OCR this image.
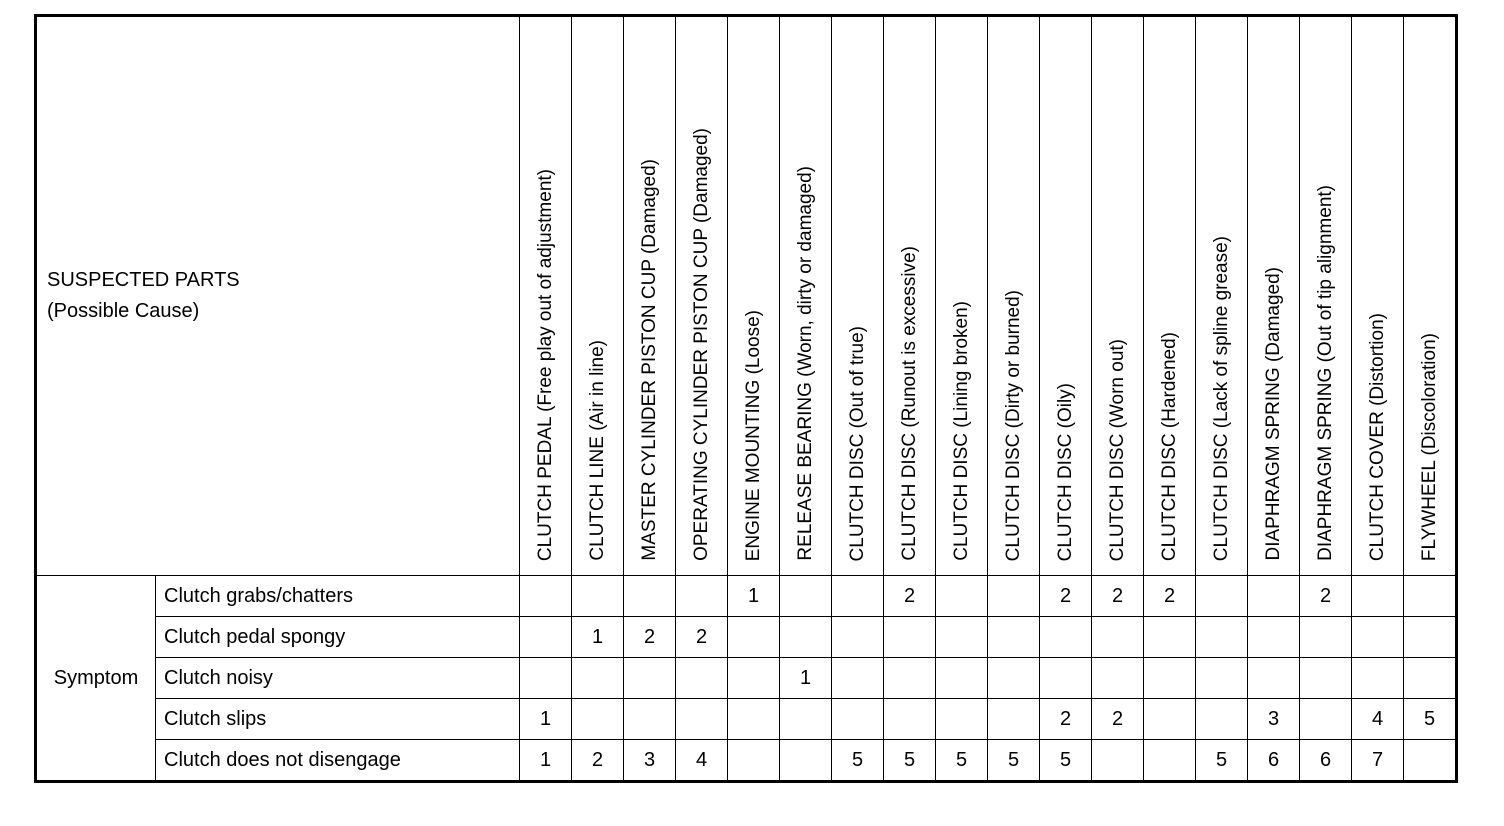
SUSPECTED PARTS
(Possible Cause)		CLUTCH PEDAL (Free play out of adjustment)	CLUTCH LINE (Air in line)	MASTER CYLINDER PISTON CUP (Damaged)	OPERATING CYLINDER PISTON CUP (Damaged)	ENGINE MOUNTING (Loose)	RELEASE BEARING (Worn, dirty or damaged)	CLUTCH DISC (Out of true)	CLUTCH DISC (Runout is excessive)	CLUTCH DISC (Lining broken)	CLUTCH DISC (Dirty or burned)	CLUTCH DISC (Oily)	CLUTCH DISC (Worn out)	CLUTCH DISC (Hardened)	CLUTCH DISC (Lack of spline grease)	DIAPHRAGM SPRING (Damaged)	DIAPHRAGM SPRING (Out of tip alignment)	CLUTCH COVER (Distortion)	FLYWHEEL (Discoloration)

Symptom	Clutch grabs/chatters					1			2			2	2	2			2		
	Clutch pedal spongy		1	2	2														
	Clutch noisy						1												
	Clutch slips	1										2	2			3		4	5
	Clutch does not disengage	1	2	3	4			5	5	5	5	5			5	6	6	7	
